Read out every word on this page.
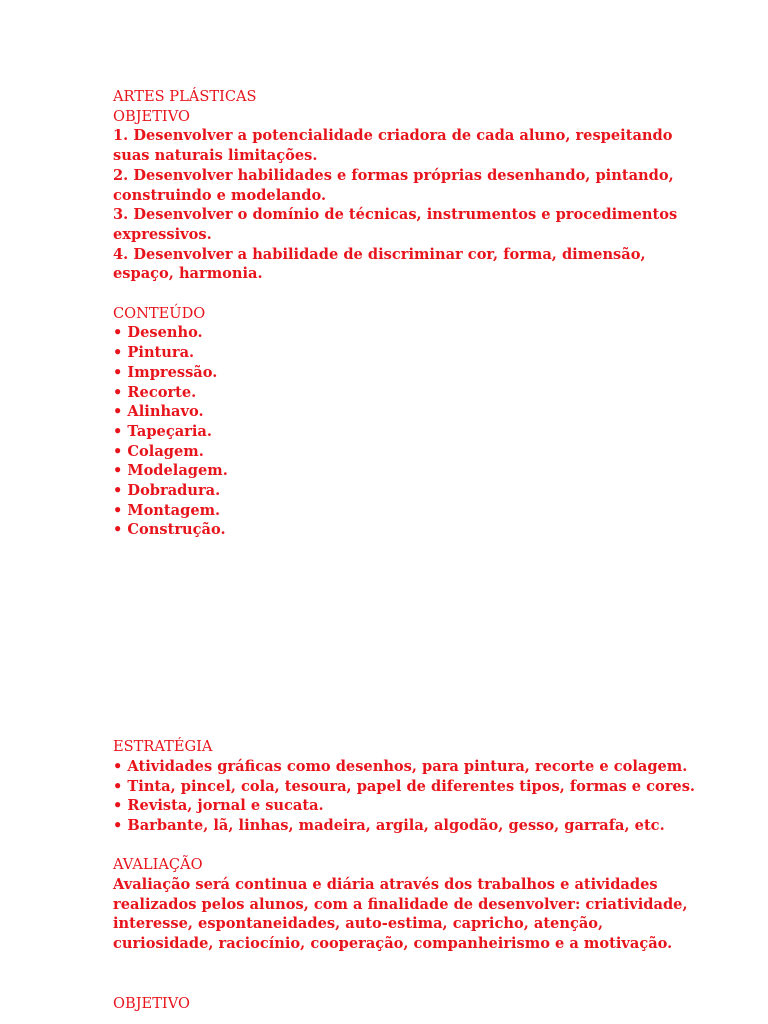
ARTES PLÁSTICAS
OBJETIVO
1. Desenvolver a potencialidade criadora de cada aluno, respeitando
suas naturais limitações.
2. Desenvolver habilidades e formas próprias desenhando, pintando,
construindo e modelando.
3. Desenvolver o domínio de técnicas, instrumentos e procedimentos
expressivos.
4. Desenvolver a habilidade de discriminar cor, forma, dimensão,
espaço, harmonia.
CONTEÚDO
• Desenho.
• Pintura.
• Impressão.
• Recorte.
• Alinhavo.
• Tapeçaria.
• Colagem.
• Modelagem.
• Dobradura.
• Montagem.
• Construção.
ESTRATÉGIA
• Atividades gráficas como desenhos, para pintura, recorte e colagem.
• Tinta, pincel, cola, tesoura, papel de diferentes tipos, formas e cores.
• Revista, jornal e sucata.
• Barbante, lã, linhas, madeira, argila, algodão, gesso, garrafa, etc.
AVALIAÇÃO
Avaliação será continua e diária através dos trabalhos e atividades
realizados pelos alunos, com a finalidade de desenvolver: criatividade,
interesse, espontaneidades, auto-estima, capricho, atenção,
curiosidade, raciocínio, cooperação, companheirismo e a motivação.
OBJETIVO
